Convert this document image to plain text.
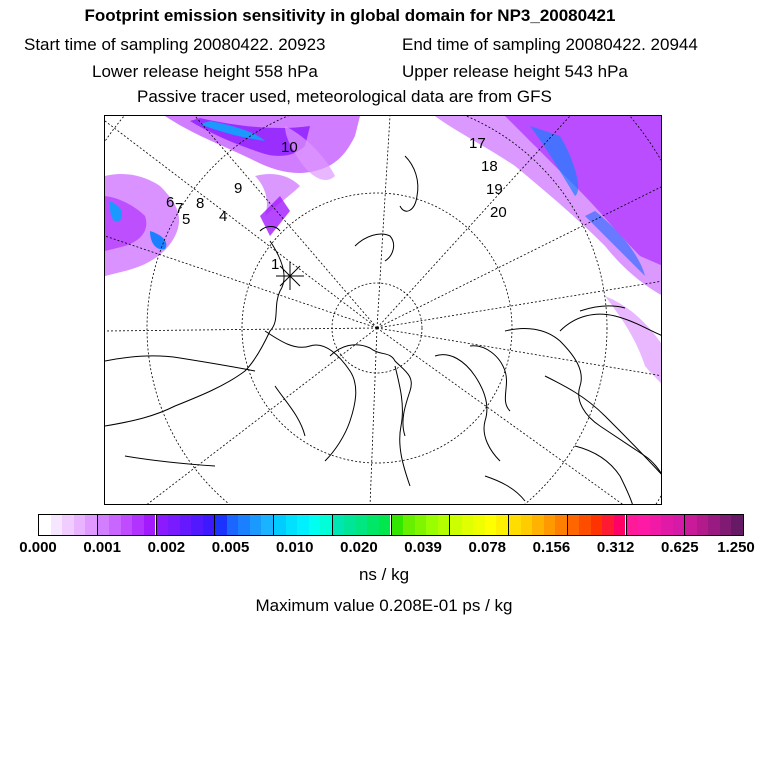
Footprint emission sensitivity in global domain for NP3_20080421
Start time of sampling 20080422. 20923	End time of sampling 20080422. 20944
Lower release height 558 hPa	Upper release height 543 hPa
Passive tracer used, meteorological data are from GFS
10
9
6 7
5
8
4
1
17
18
19
20
0.000 0.001 0.002 0.005 0.010 0.020 0.039 0.078 0.156 0.312 0.625 1.250
ns / kg
Maximum value 0.208E-01 ps / kg
